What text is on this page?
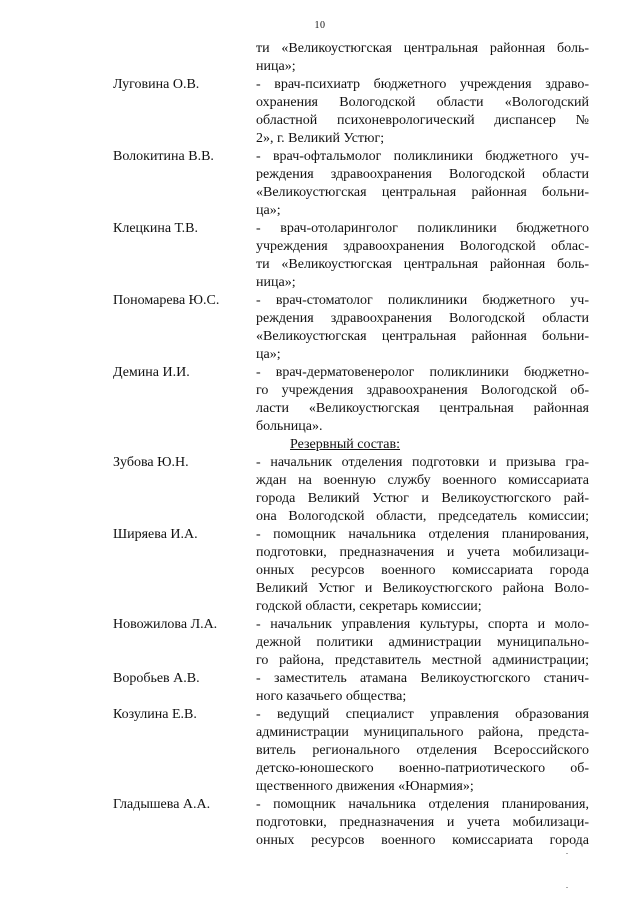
10
ти «Великоустюгская центральная районная боль-
ница»;
Луговина О.В.	- врач-психиатр бюджетного учреждения здраво-
охранения Вологодской области «Вологодский
областной психоневрологический диспансер №
2», г. Великий Устюг;
Волокитина В.В.	- врач-офтальмолог поликлиники бюджетного уч-
реждения здравоохранения Вологодской области
«Великоустюгская центральная районная больни-
ца»;
Клецкина Т.В.	- врач-отоларинголог поликлиники бюджетного
учреждения здравоохранения Вологодской облас-
ти «Великоустюгская центральная районная боль-
ница»;
Пономарева Ю.С.	- врач-стоматолог поликлиники бюджетного уч-
реждения здравоохранения Вологодской области
«Великоустюгская центральная районная больни-
ца»;
Демина И.И.	- врач-дерматовенеролог поликлиники бюджетно-
го учреждения здравоохранения Вологодской об-
ласти «Великоустюгская центральная районная
больница».
Зубова Ю.Н.	- начальник отделения подготовки и призыва гра-
ждан на военную службу военного комиссариата
города Великий Устюг и Великоустюгского рай-
она Вологодской области, председатель комиссии;
Ширяева И.А.	- помощник начальника отделения планирования,
подготовки, предназначения и учета мобилизаци-
онных ресурсов военного комиссариата города
Великий Устюг и Великоустюгского района Воло-
годской области, секретарь комиссии;
Новожилова Л.А.	- начальник управления культуры, спорта и моло-
дежной политики администрации муниципально-
го района, представитель местной администрации;
Воробьев А.В.	- заместитель атамана Великоустюгского станич-
ного казачьего общества;
Козулина Е.В.	- ведущий специалист управления образования
администрации муниципального района, предста-
витель регионального отделения Всероссийского
детско-юношеского военно-патриотического об-
щественного движения «Юнармия»;
Гладышева А.А.	- помощник начальника отделения планирования,
подготовки, предназначения и учета мобилизаци-
онных ресурсов военного комиссариата города
Резервный состав:
.
.
